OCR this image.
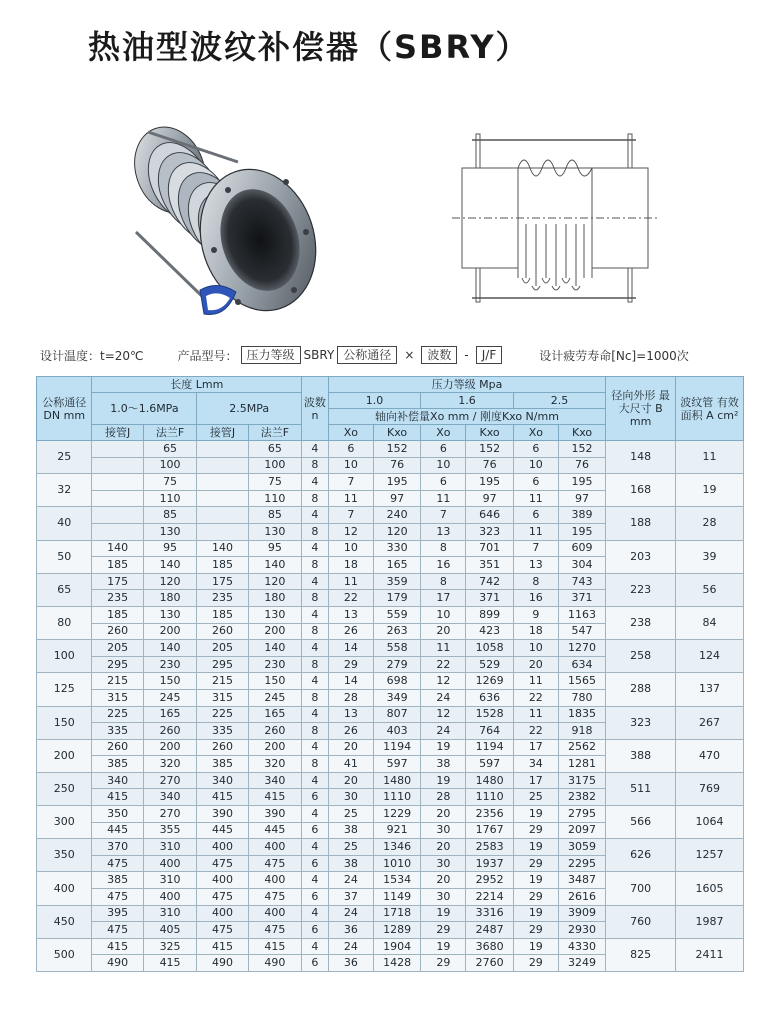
热油型波纹补偿器（SBRY）
设计温度：t=20℃	产品型号： 压力等级 SBRY 公称通径	×	波数	-	J/F	设计疲劳寿命[Nc]=1000次
公称通径 DN mm	长度 Lmm				波数 n	压力等级 Mpa						径向外形 最大尺寸 B mm	波纹管 有效面积 A cm²
	1.0～1.6MPa		2.5MPa			1.0		1.6		2.5			
						轴向补偿量Xo mm / 刚度Kxo N/mm							
	接管J	法兰F	接管J	法兰F		Xo	Kxo	Xo	Kxo	Xo	Kxo		
25		65		65	4	6	152	6	152	6	152	148	11
		100		100	8	10	76	10	76	10	76		
32		75		75	4	7	195	6	195	6	195	168	19
		110		110	8	11	97	11	97	11	97		
40		85		85	4	7	240	7	646	6	389	188	28
		130		130	8	12	120	13	323	11	195		
50	140	95	140	95	4	10	330	8	701	7	609	203	39
	185	140	185	140	8	18	165	16	351	13	304		
65	175	120	175	120	4	11	359	8	742	8	743	223	56
	235	180	235	180	8	22	179	17	371	16	371		
80	185	130	185	130	4	13	559	10	899	9	1163	238	84
	260	200	260	200	8	26	263	20	423	18	547		
100	205	140	205	140	4	14	558	11	1058	10	1270	258	124
	295	230	295	230	8	29	279	22	529	20	634		
125	215	150	215	150	4	14	698	12	1269	11	1565	288	137
	315	245	315	245	8	28	349	24	636	22	780		
150	225	165	225	165	4	13	807	12	1528	11	1835	323	267
	335	260	335	260	8	26	403	24	764	22	918		
200	260	200	260	200	4	20	1194	19	1194	17	2562	388	470
	385	320	385	320	8	41	597	38	597	34	1281		
250	340	270	340	340	4	20	1480	19	1480	17	3175	511	769
	415	340	415	415	6	30	1110	28	1110	25	2382		
300	350	270	390	390	4	25	1229	20	2356	19	2795	566	1064
	445	355	445	445	6	38	921	30	1767	29	2097		
350	370	310	400	400	4	25	1346	20	2583	19	3059	626	1257
	475	400	475	475	6	38	1010	30	1937	29	2295		
400	385	310	400	400	4	24	1534	20	2952	19	3487	700	1605
	475	400	475	475	6	37	1149	30	2214	29	2616		
450	395	310	400	400	4	24	1718	19	3316	19	3909	760	1987
	475	405	475	475	6	36	1289	29	2487	29	2930		
500	415	325	415	415	4	24	1904	19	3680	19	4330	825	2411
	490	415	490	490	6	36	1428	29	2760	29	3249		
